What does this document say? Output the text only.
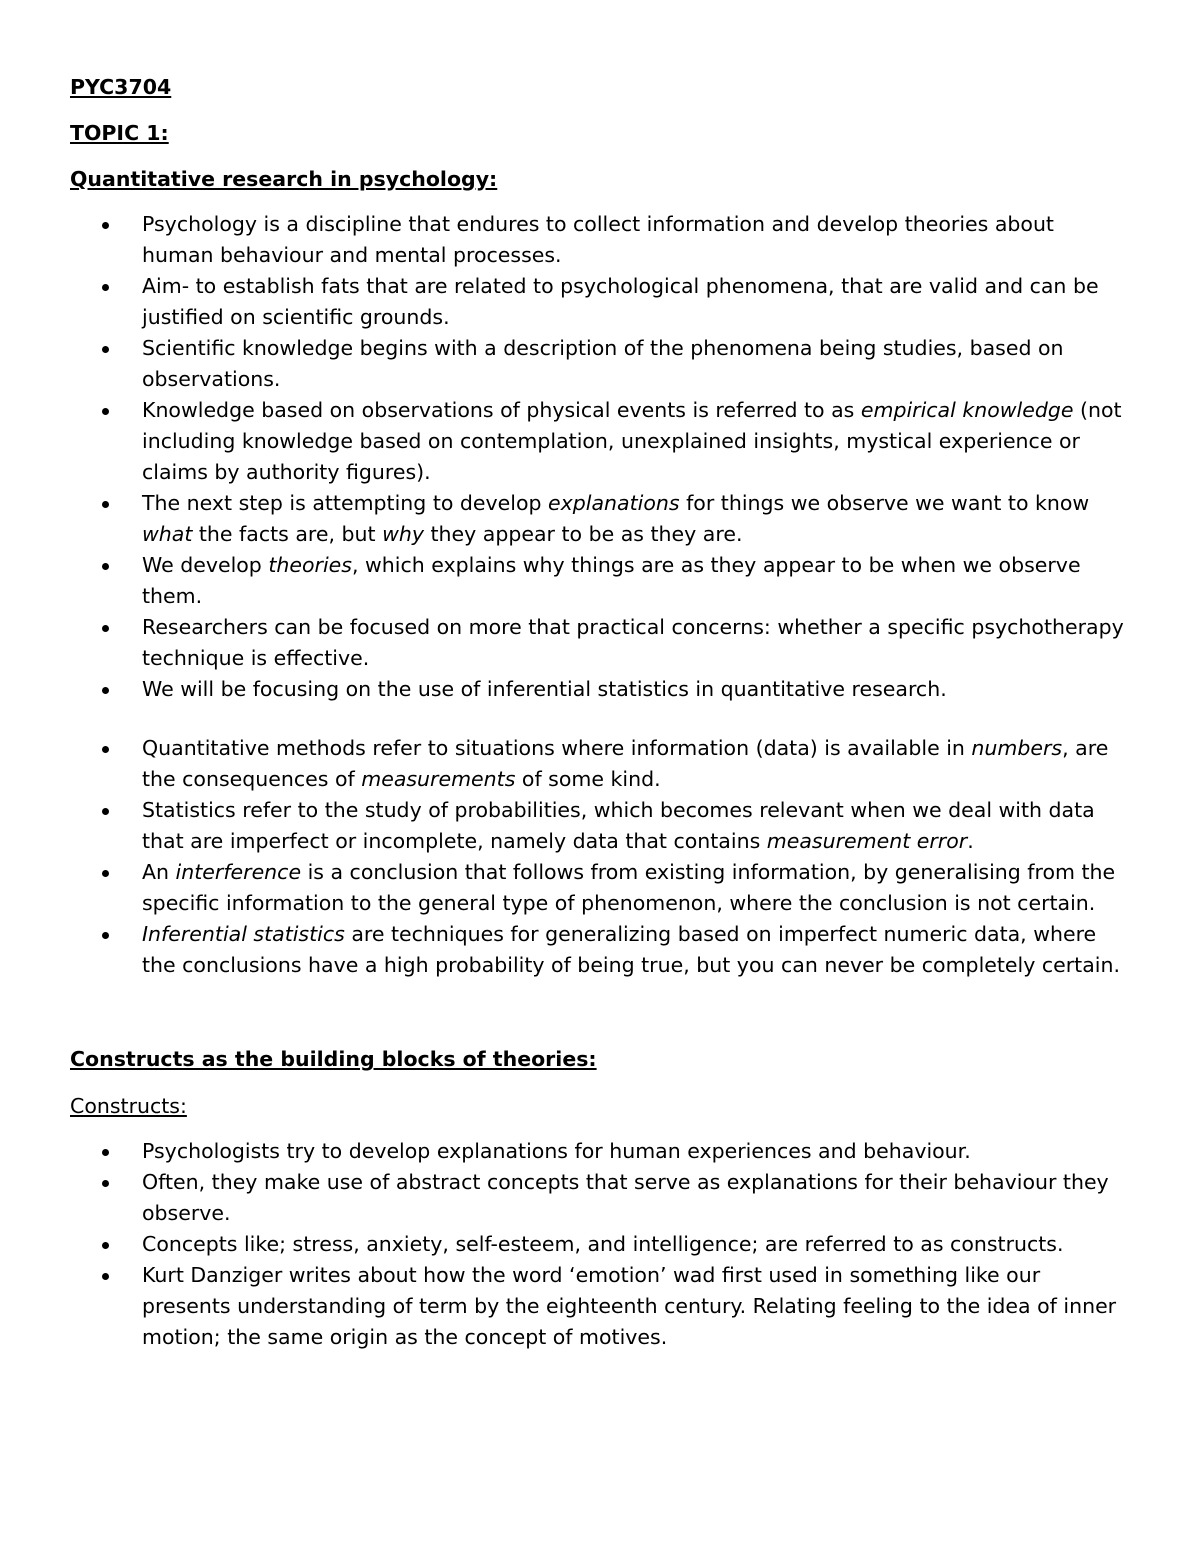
PYC3704

TOPIC 1:

Quantitative research in psychology:

Psychology is a discipline that endures to collect information and develop theories about human behaviour and mental processes.
Aim- to establish fats that are related to psychological phenomena, that are valid and can be justified on scientific grounds.
Scientific knowledge begins with a description of the phenomena being studies, based on observations.
Knowledge based on observations of physical events is referred to as empirical knowledge (not including knowledge based on contemplation, unexplained insights, mystical experience or claims by authority figures).
The next step is attempting to develop explanations for things we observe we want to know what the facts are, but why they appear to be as they are.
We develop theories, which explains why things are as they appear to be when we observe them.
Researchers can be focused on more that practical concerns: whether a specific psychotherapy technique is effective.
We will be focusing on the use of inferential statistics in quantitative research.
Quantitative methods refer to situations where information (data) is available in numbers, are the consequences of measurements of some kind.
Statistics refer to the study of probabilities, which becomes relevant when we deal with data that are imperfect or incomplete, namely data that contains measurement error.
An interference is a conclusion that follows from existing information, by generalising from the specific information to the general type of phenomenon, where the conclusion is not certain.
Inferential statistics are techniques for generalizing based on imperfect numeric data, where the conclusions have a high probability of being true, but you can never be completely certain.

Constructs as the building blocks of theories:

Constructs:

Psychologists try to develop explanations for human experiences and behaviour.
Often, they make use of abstract concepts that serve as explanations for their behaviour they observe.
Concepts like; stress, anxiety, self-esteem, and intelligence; are referred to as constructs.
Kurt Danziger writes about how the word ‘emotion’ wad first used in something like our presents understanding of term by the eighteenth century. Relating feeling to the idea of inner motion; the same origin as the concept of motives.
